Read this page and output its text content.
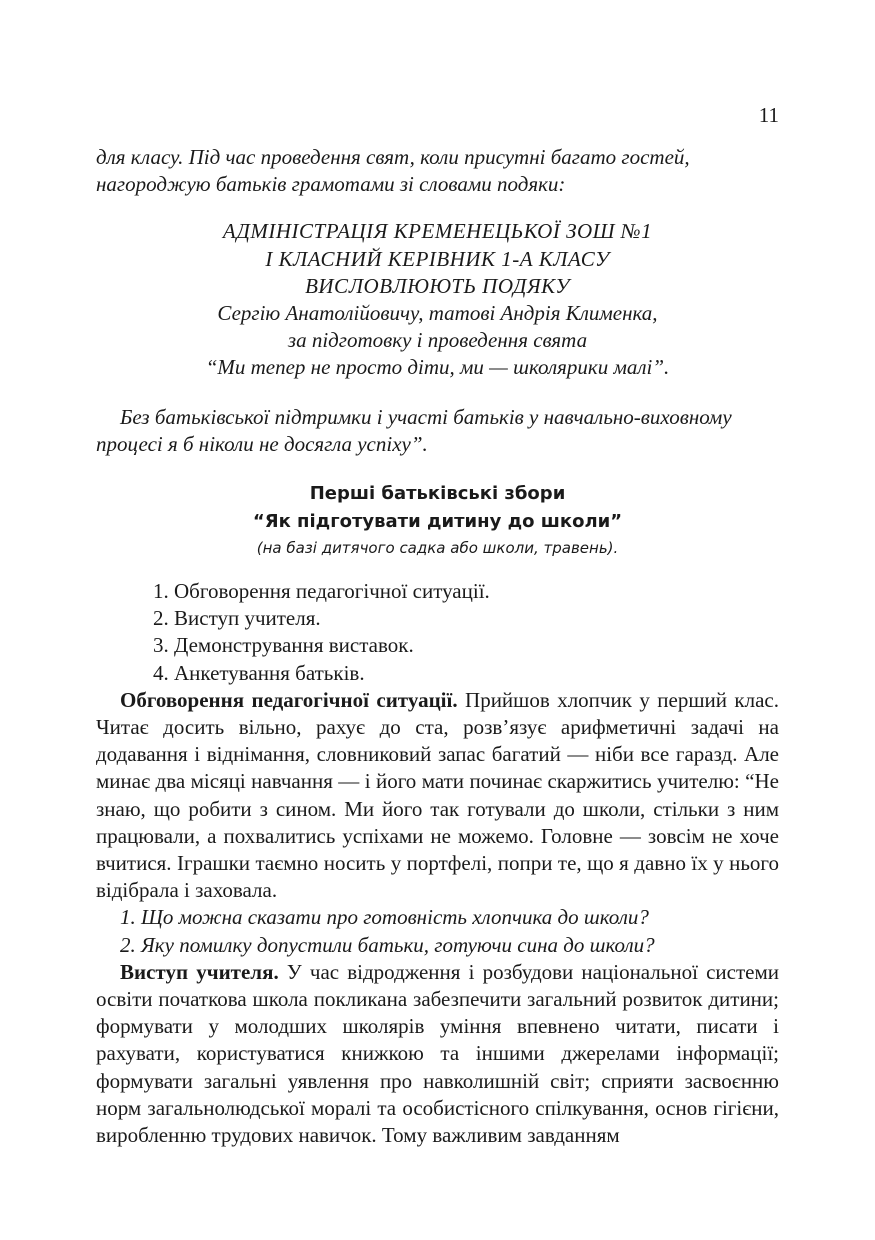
11
для класу. Під час проведення свят, коли присутні багато гостей,
нагороджую батьків грамотами зі словами подяки:
АДМІНІСТРАЦІЯ КРЕМЕНЕЦЬКОЇ ЗОШ №1
І КЛАСНИЙ КЕРІВНИК 1-А КЛАСУ
ВИСЛОВЛЮЮТЬ ПОДЯКУ
Сергію Анатолійовичу, татові Андрія Клименка,
за підготовку і проведення свята
“Ми тепер не просто діти, ми — школярики малі”.
Без батьківської підтримки і участі батьків у навчально-виховному
процесі я б ніколи не досягла успіху”.
Перші батьківські збори
“Як підготувати дитину до школи”
(на базі дитячого садка або школи, травень).
1. Обговорення педагогічної ситуації.
2. Виступ учителя.
3. Демонстрування виставок.
4. Анкетування батьків.

Обговорення педагогічної ситуації. Прийшов хлопчик у перший клас. Читає досить вільно, рахує до ста, розв’язує арифметичні задачі на додавання і віднімання, словниковий запас багатий — ніби все гаразд. Але минає два місяці навчання — і його мати починає скаржитись учителю: “Не знаю, що робити з сином. Ми його так готували до школи, стільки з ним працювали, а похвалитись успіхами не можемо. Головне — зовсім не хоче вчитися. Іграшки таємно носить у портфелі, попри те, що я давно їх у нього відібрала і заховала.

1. Що можна сказати про готовність хлопчика до школи?
2. Яку помилку допустили батьки, готуючи сина до школи?

Виступ учителя. У час відродження і розбудови національної системи освіти початкова школа покликана забезпечити загальний розвиток дитини; формувати у молодших школярів уміння впевнено читати, писати і рахувати, користуватися книжкою та іншими джерелами інформації; формувати загальні уявлення про навколишній світ; сприяти засвоєнню норм загальнолюдської моралі та особистісного спілкування, основ гігієни, виробленню трудових навичок. Тому важливим завданням
